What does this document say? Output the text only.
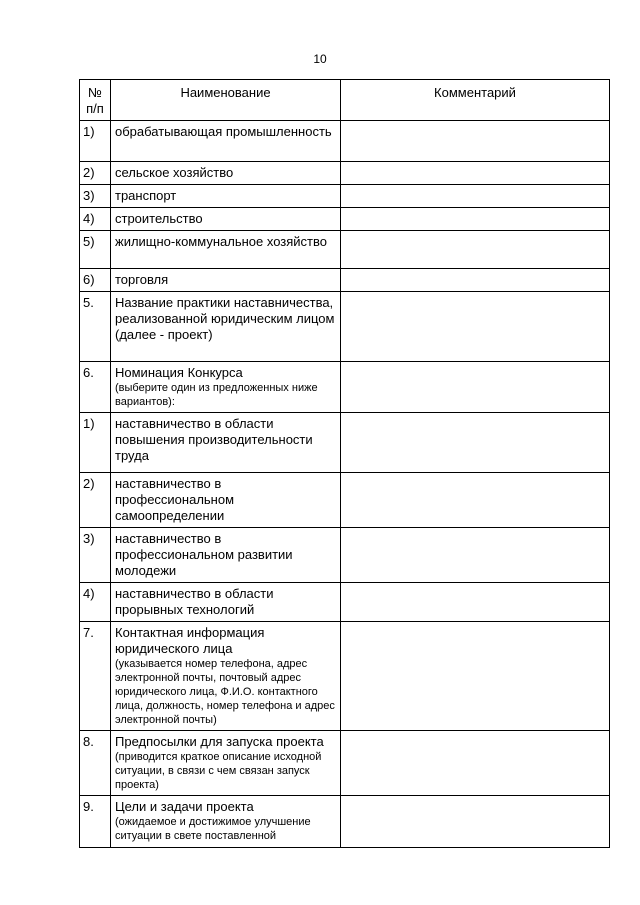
10
№ п/п	Наименование	Комментарий
1)	обрабатывающая промышленность	

2)	сельское хозяйство	

3)	транспорт	

4)	строительство	

5)	жилищно-коммунальное хозяйство	

6)	торговля	

5.	Название практики наставничества, реализованной юридическим лицом (далее - проект)	

6.	Номинация Конкурса
(выберите один из предложенных ниже вариантов):	

1)	наставничество в области повышения производительности труда	

2)	наставничество в профессиональном самоопределении	

3)	наставничество в профессиональном развитии молодежи	

4)	наставничество в области прорывных технологий	

7.	Контактная информация юридического лица
(указывается номер телефона, адрес электронной почты, почтовый адрес юридического лица, Ф.И.О. контактного лица, должность, номер телефона и адрес электронной почты)	

8.	Предпосылки для запуска проекта
(приводится краткое описание исходной ситуации, в связи с чем связан запуск проекта)	

9.	Цели и задачи проекта
(ожидаемое и достижимое улучшение ситуации в свете поставленной	
